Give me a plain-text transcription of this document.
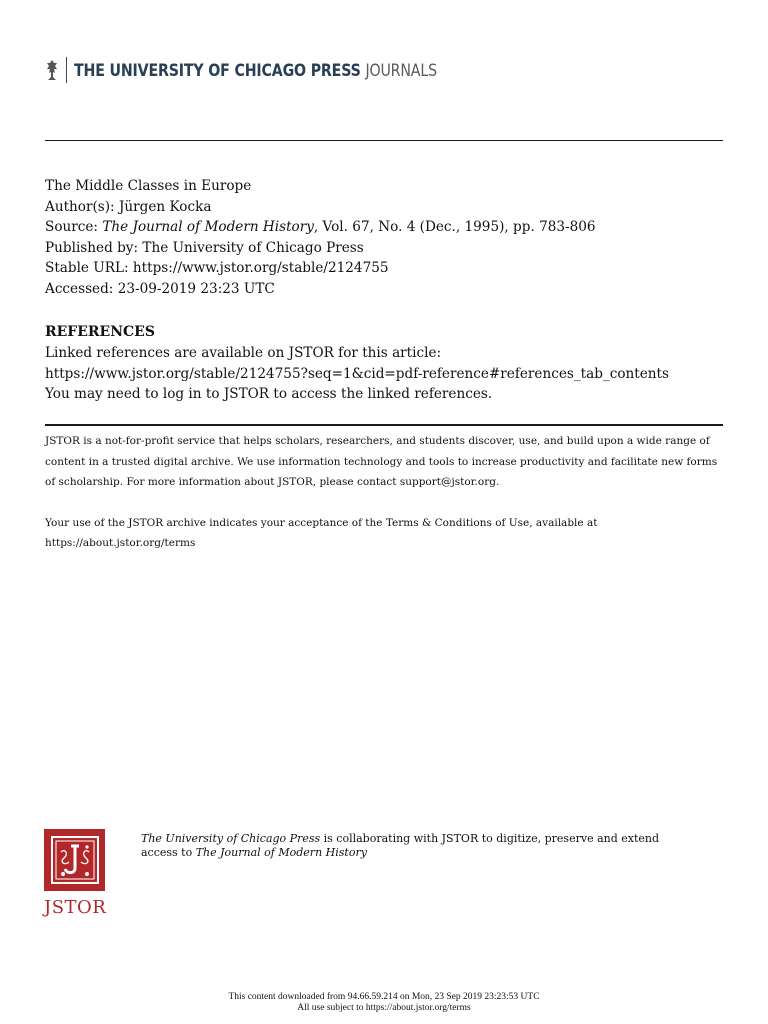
THE UNIVERSITY OF CHICAGO PRESS JOURNALS
The Middle Classes in Europe
Author(s): Jürgen Kocka
Source: The Journal of Modern History, Vol. 67, No. 4 (Dec., 1995), pp. 783-806
Published by: The University of Chicago Press
Stable URL: https://www.jstor.org/stable/2124755
Accessed: 23-09-2019 23:23 UTC
REFERENCES
Linked references are available on JSTOR for this article:
https://www.jstor.org/stable/2124755?seq=1&cid=pdf-reference#references_tab_contents
You may need to log in to JSTOR to access the linked references.

JSTOR is a not-for-profit service that helps scholars, researchers, and students discover, use, and build upon a wide range of content in a trusted digital archive. We use information technology and tools to increase productivity and facilitate new forms of scholarship. For more information about JSTOR, please contact support@jstor.org.

Your use of the JSTOR archive indicates your acceptance of the Terms & Conditions of Use, available at
https://about.jstor.org/terms

JSTOR
The University of Chicago Press is collaborating with JSTOR to digitize, preserve and extend access to The Journal of Modern History
This content downloaded from 94.66.59.214 on Mon, 23 Sep 2019 23:23:53 UTC
All use subject to https://about.jstor.org/terms
